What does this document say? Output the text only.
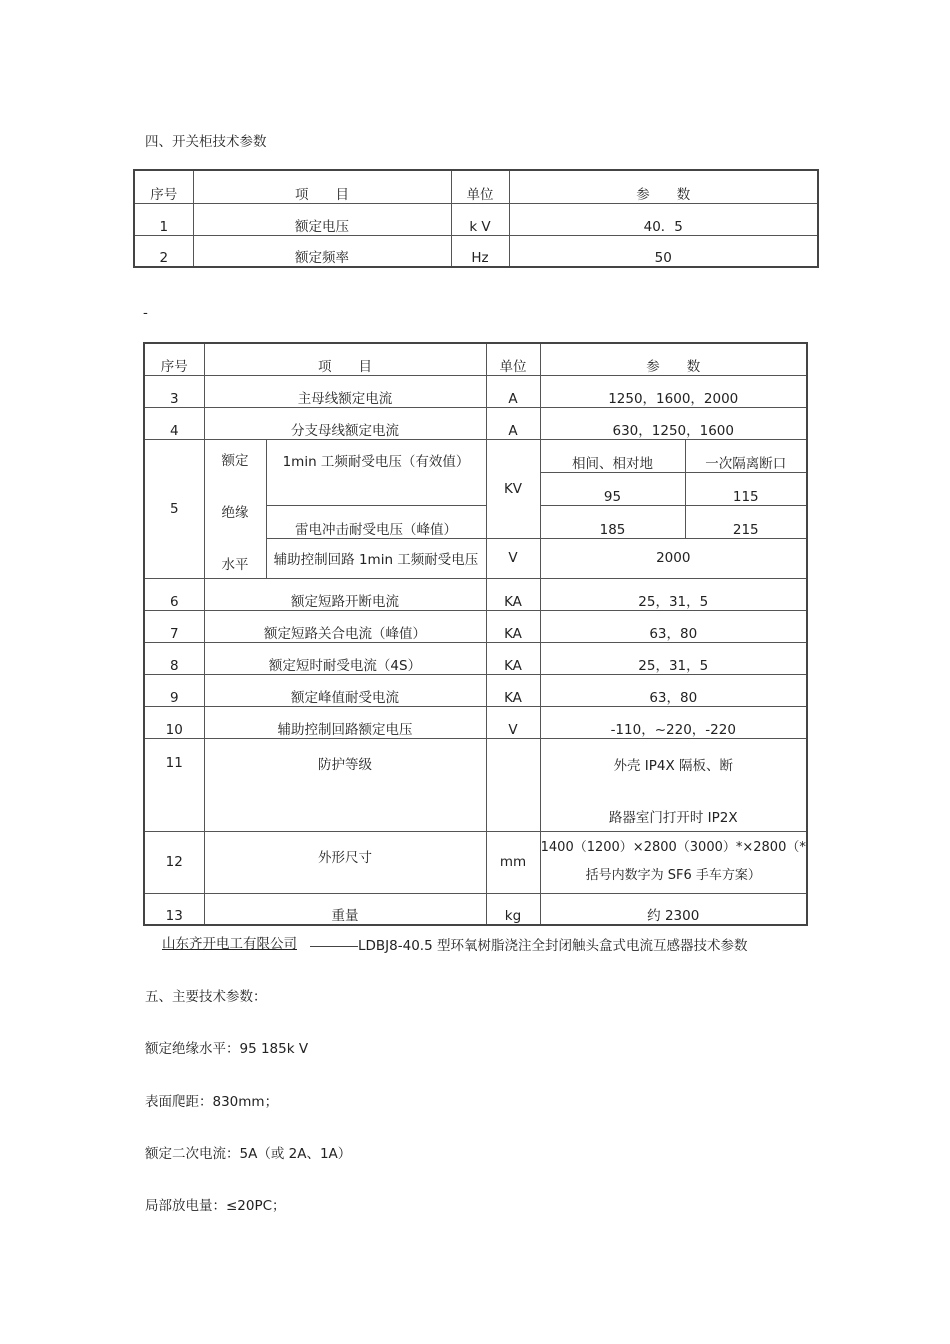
四、开关柜技术参数
序号	项　　目	单位	参　　数
1	额定电压	k V	40．5
2	额定频率	Hz	50
-
序号	项　　目		单位	参　　数	
3	主母线额定电流		A	1250，1600，2000	
4	分支母线额定电流		A	630，1250，1600	
5	额定
绝缘
水平	1min 工频耐受电压（有效值）	KV	相间、相对地	一次隔离断口
				95	115
		雷电冲击耐受电压（峰值）		185	215
		辅助控制回路 1min 工频耐受电压	V	2000	
6	额定短路开断电流		KA	25，31，5	
7	额定短路关合电流（峰值）		KA	63，80	
8	额定短时耐受电流（4S）		KA	25，31，5	
9	额定峰值耐受电流		KA	63，80	
10	辅助控制回路额定电压		V	-110，~220，-220	
11	防护等级			外壳 IP4X 隔板、断
路器室门打开时 IP2X	

12	外形尺寸		mm	1400（1200）×2800（3000）*×2800（*
括号内数字为 SF6 手车方案）	

13	重量		kg	约 2300	
山东齐开电工有限公司	LDBJ8-40.5 型环氧树脂浇注全封闭触头盒式电流互感器技术参数
五、主要技术参数：
额定绝缘水平：95 185k V
表面爬距：830mm；
额定二次电流：5A（或 2A、1A）
局部放电量：≤20PC；
